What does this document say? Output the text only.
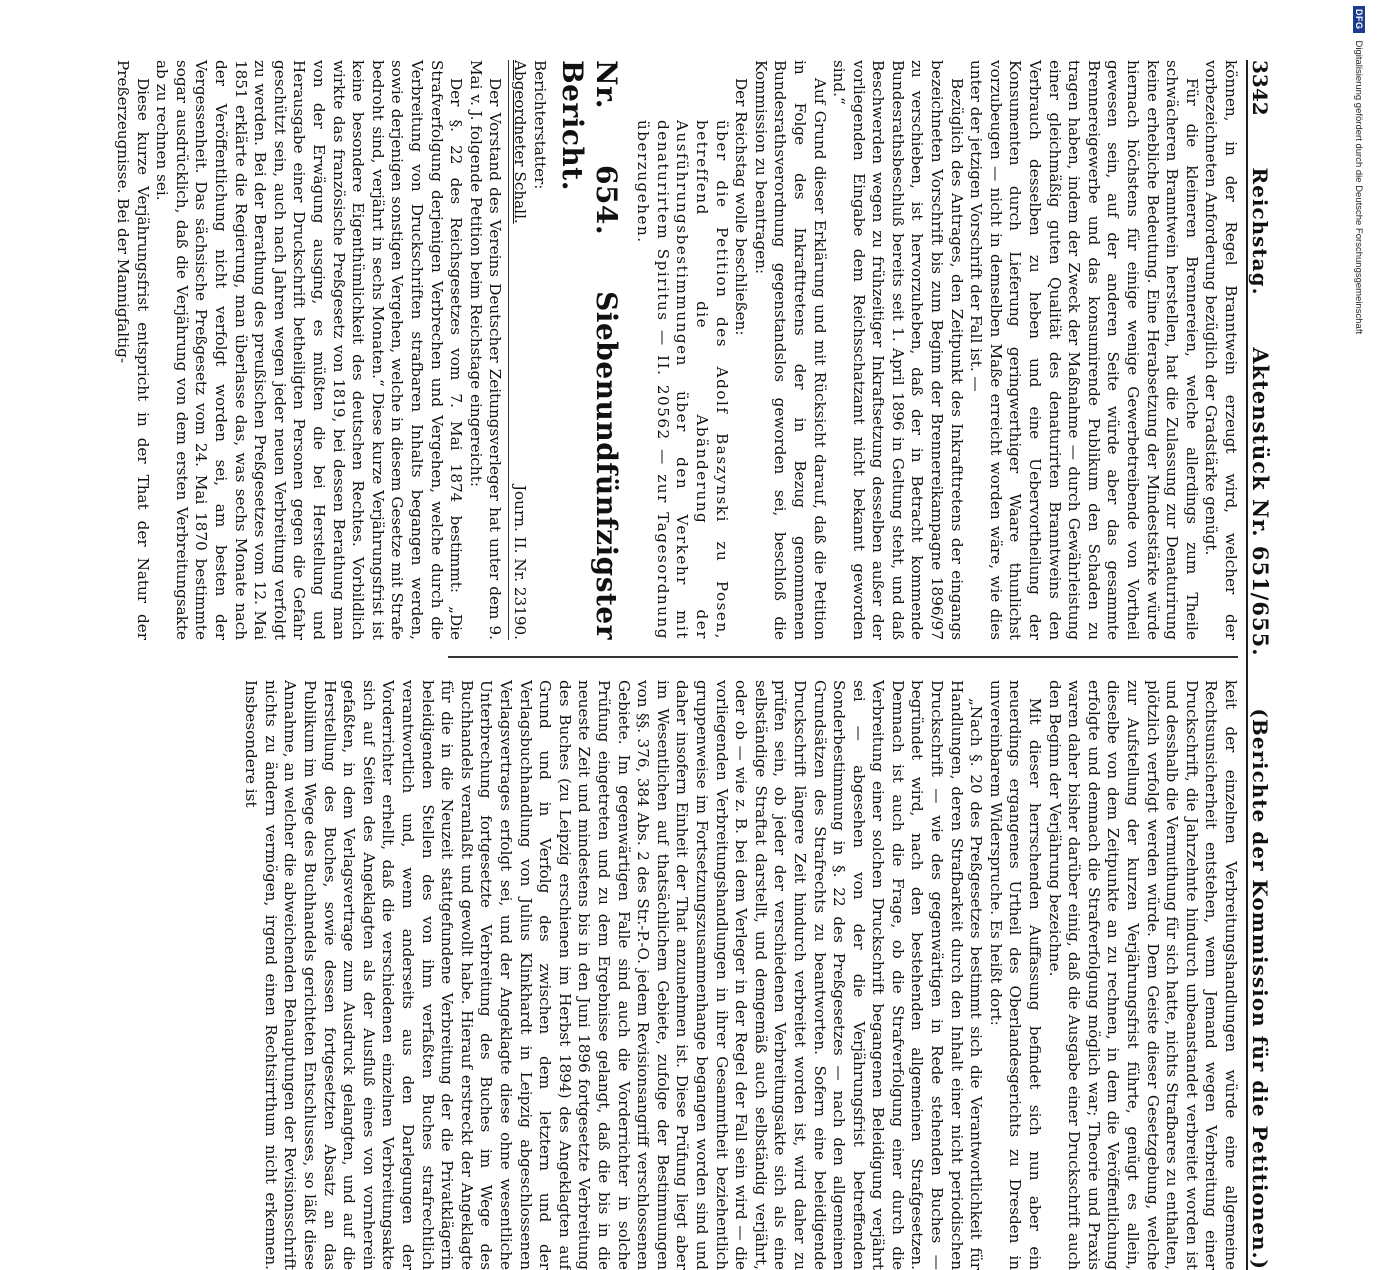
3342
Reichstag.
Aktenstück Nr. 651/655.
(Berichte der Kommission für die Petitionen.)

können, in der Regel Branntwein erzeugt wird, welcher der vorbezeichneten Anforderung bezüglich der Gradstärke genügt.

Für die kleineren Brennereien, welche allerdings zum Theile schwächeren Branntwein herstellen, hat die Zulassung zur Denaturirung keine erhebliche Bedeutung. Eine Herabsetzung der Mindeststärke würde hiernach höchstens für einige wenige Gewerbetreibende von Vortheil gewesen sein, auf der anderen Seite würde aber das gesammte Brennereigewerbe und das konsumirende Publikum den Schaden zu tragen haben, indem der Zweck der Maßnahme — durch Gewährleistung einer gleichmäßig guten Qualität des denaturirten Branntweins den Verbrauch desselben zu heben und eine Uebervortheilung der Konsumenten durch Lieferung geringwerthiger Waare thunlichst vorzubeugen — nicht in demselben Maße erreicht worden wäre, wie dies unter der jetzigen Vorschrift der Fall ist. —

Bezüglich des Antrages, den Zeitpunkt des Inkrafttretens der eingangs bezeichneten Vorschrift bis zum Beginn der Brennereikampagne 1896/97 zu verschieben, ist hervorzuheben, daß der in Betracht kommende Bundesrathsbeschluß bereits seit 1. April 1896 in Geltung steht, und daß Beschwerden wegen zu frühzeitiger Inkraftsetzung desselben außer der vorliegenden Eingabe dem Reichsschatzamt nicht bekannt geworden sind.“

Auf Grund dieser Erklärung und mit Rücksicht darauf, daß die Petition in Folge des Inkrafttretens der in Bezug genommenen Bundesrathsverordnung gegenstandslos geworden sei, beschloß die Kommission zu beantragen:

Der Reichstag wolle beschließen:

über die Petition des Adolf Baszynski zu Posen, betreffend die Abänderung der Ausführungsbestimmungen über den Verkehr mit denaturirtem Spiritus — II. 20562 — zur Tagesordnung überzugehen.

Nr. 654. Siebenundfünfzigster Bericht.
Berichterstatter:
Abgeordneter Schall.
Journ. II. Nr. 23190.

Der Vorstand des Vereins Deutscher Zeitungsverleger hat unter dem 9. Mai v. J. folgende Petition beim Reichstage eingereicht:

Der §. 22 des Reichsgesetzes vom 7. Mai 1874 bestimmt: „Die Strafverfolgung derjenigen Verbrechen und Vergehen, welche durch die Verbreitung von Druckschriften strafbaren Inhalts begangen werden, sowie derjenigen sonstigen Vergehen, welche in diesem Gesetze mit Strafe bedroht sind, verjährt in sechs Monaten.“ Diese kurze Verjährungsfrist ist keine besondere Eigenthümlichkeit des deutschen Rechtes. Vorbildlich wirkte das französische Preßgesetz von 1819, bei dessen Berathung man von der Erwägung ausging, es müßten die bei Herstellung und Herausgabe einer Druckschrift betheiligten Personen gegen die Gefahr geschützt sein, auch nach Jahren wegen jeder neuen Verbreitung verfolgt zu werden. Bei der Berathung des preußischen Preßgesetzes vom 12. Mai 1851 erklärte die Regierung, man überlasse das, was sechs Monate nach der Veröffentlichung nicht verfolgt worden sei, am besten der Vergessenheit. Das sächsische Preßgesetz vom 24. Mai 1870 bestimmte sogar ausdrücklich, daß die Verjährung von dem ersten Verbreitungsakte ab zu rechnen sei.

Diese kurze Verjährungsfrist entspricht in der That der Natur der Preßerzeugnisse. Bei der Mannigfaltig-

keit der einzelnen Verbreitungshandlungen würde eine allgemeine Rechtsunsicherheit entstehen, wenn Jemand wegen Verbreitung einer Druckschrift, die Jahrzehnte hindurch unbeanstandet verbreitet worden ist und desshalb die Vermuthung für sich hatte, nichts Strafbares zu enthalten, plötzlich verfolgt werden würde. Dem Geiste dieser Gesetzgebung, welche zur Aufstellung der kurzen Verjährungsfrist führte, genügt es allein, dieselbe von dem Zeitpunkte an zu rechnen, in dem die Veröffentlichung erfolgte und demnach die Strafverfolgung möglich war; Theorie und Praxis waren daher bisher darüber einig, daß die Ausgabe einer Druckschrift auch den Beginn der Verjährung bezeichne.

Mit dieser herrschenden Auffassung befindet sich nun aber ein neuerdings ergangenes Urtheil des Oberlandesgerichts zu Dresden in unvereinbarem Widerspruche. Es heißt dort:

„Nach §. 20 des Preßgesetzes bestimmt sich die Verantwortlichkeit für Handlungen, deren Strafbarkeit durch den Inhalt einer nicht periodischen Druckschrift — wie des gegenwärtigen in Rede stehenden Buches — begründet wird, nach den bestehenden allgemeinen Strafgesetzen. Demnach ist auch die Frage, ob die Strafverfolgung einer durch die Verbreitung einer solchen Druckschrift begangenen Beleidigung verjährt sei — abgesehen von der die Verjährungsfrist betreffenden Sonderbestimmung in §. 22 des Preßgesetzes — nach den allgemeinen Grundsätzen des Strafrechts zu beantworten. Sofern eine beleidigende Druckschrift längere Zeit hindurch verbreitet worden ist, wird daher zu prüfen sein, ob jeder der verschiedenen Verbreitungsakte sich als eine selbständige Straftat darstellt, und demgemäß auch selbständig verjährt, oder ob — wie z. B. bei dem Verleger in der Regel der Fall sein wird — die vorliegenden Verbreitungshandlungen in ihrer Gesammtheit beziehentlich gruppenweise im Fortsetzungszusammenhange begangen worden sind und daher insofern Einheit der That anzunehmen ist. Diese Prüfung liegt aber im Wesentlichen auf thatsächlichem Gebiete, zufolge der Bestimmungen von §§. 376, 384 Abs. 2 des Str.-P.-O. jedem Revisionsangriff verschlossenen Gebiete. Im gegenwärtigen Falle sind auch die Vorderrichter in solche Prüfung eingetreten und zu dem Ergebnisse gelangt, daß die bis in die neueste Zeit und mindestens bis in den Juni 1896 fortgesetzte Verbreitung des Buches (zu Leipzig erschienen im Herbst 1894) des Angeklagten auf Grund und in Verfolg des zwischen dem letztern und der Verlagsbuchhandlung von Julius Klinkhardt in Leipzig abgeschlossenen Verlagsvertrages erfolgt sei, und der Angeklagte diese ohne wesentliche Unterbrechung fortgesetzte Verbreitung des Buches im Wege des Buchhandels veranlaßt und gewollt habe. Hierauf erstreckt der Angeklagte für die in die Neuzeit stattgefundene Verbreitung der die Privatklägerin beleidigenden Stellen des von ihm verfaßten Buches strafrechtlich verantwortlich und, wenn anderseits aus den Darlegungen der Vorderrichter erhellt, daß die verschiedenen einzelnen Verbreitungsakte sich auf Seiten des Angeklagten als der Ausfluß eines von vornherein gefaßten, in dem Verlagsvertrage zum Ausdruck gelangten, und auf die Herstellung des Buches, sowie dessen fortgesetzten Absatz an das Publikum im Wege des Buchhandels gerichteten Entschlusses, so läßt diese Annahme, an welcher die abweichenden Behauptungen der Revisionsschrift nichts zu ändern vermögen, irgend einen Rechtsirrthum nicht erkennen. Insbesondere ist

DFG
Digitalisierung gefördert durch die Deutsche Forschungsgemeinschaft
